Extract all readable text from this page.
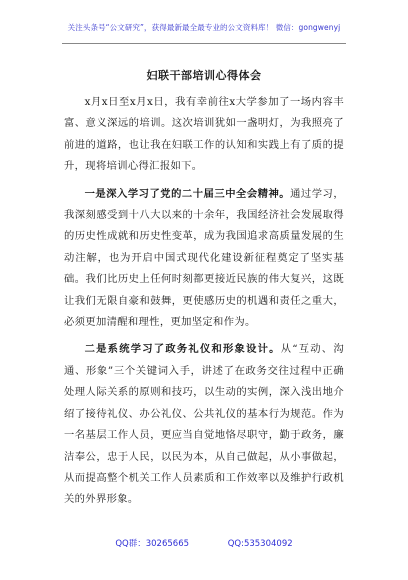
关注头条号“公文研究”，获得最新最全最专业的公文资料库！ 微信：gongwenyj
妇联干部培训心得体会

x月x日至x月x日，我有幸前往x大学参加了一场内容丰富、意义深远的培训。这次培训犹如一盏明灯，为我照亮了前进的道路，也让我在妇联工作的认知和实践上有了质的提升，现将培训心得汇报如下。

一是深入学习了党的二十届三中全会精神。通过学习，我深刻感受到十八大以来的十余年，我国经济社会发展取得的历史性成就和历史性变革，成为我国追求高质量发展的生动注解，也为开启中国式现代化建设新征程奠定了坚实基础。我们比历史上任何时刻都更接近民族的伟大复兴，这既让我们无限自豪和鼓舞，更使感历史的机遇和责任之重大，必须更加清醒和理性，更加坚定和作为。

二是系统学习了政务礼仪和形象设计。从“互动、沟通、形象”三个关键词入手，讲述了在政务交往过程中正确处理人际关系的原则和技巧，以生动的实例，深入浅出地介绍了接待礼仪、办公礼仪、公共礼仪的基本行为规范。作为一名基层工作人员，更应当自觉地恪尽职守，勤于政务，廉洁奉公，忠于人民，以民为本，从自己做起，从小事做起，从而提高整个机关工作人员素质和工作效率以及维护行政机关的外界形象。

QQ群：30265665	QQ:535304092
